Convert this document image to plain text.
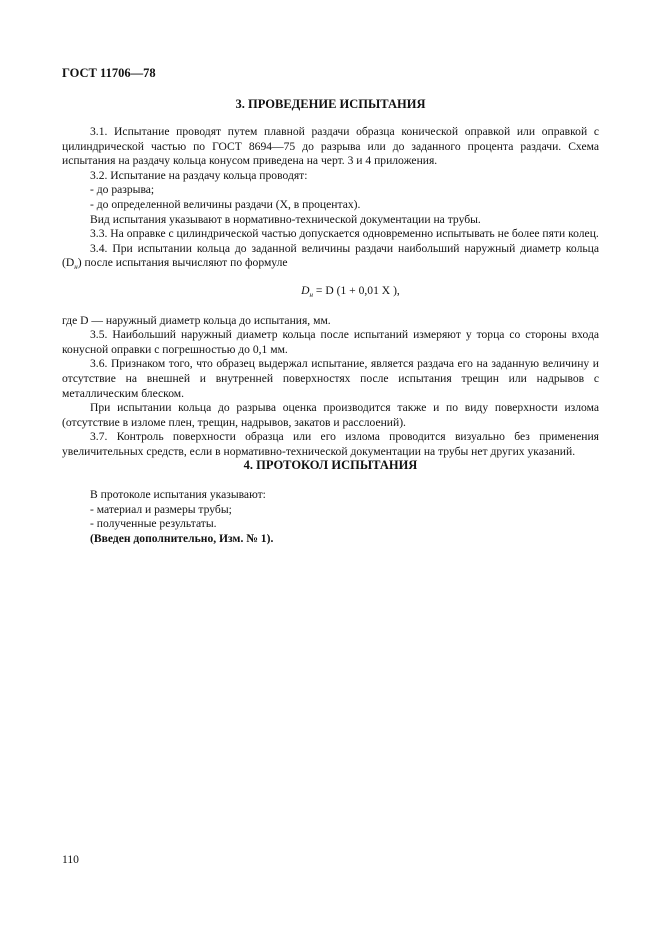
ГОСТ 11706—78
3. ПРОВЕДЕНИЕ ИСПЫТАНИЯ

3.1. Испытание проводят путем плавной раздачи образца конической оправкой или оправкой с цилиндрической частью по ГОСТ 8694—75 до разрыва или до заданного процента раздачи. Схема испытания на раздачу кольца конусом приведена на черт. 3 и 4 приложения.

3.2. Испытание на раздачу кольца проводят:

- до разрыва;

- до определенной величины раздачи (X, в процентах).

Вид испытания указывают в нормативно-технической документации на трубы.

3.3. На оправке с цилиндрической частью допускается одновременно испытывать не более пяти колец.

3.4. При испытании кольца до заданной величины раздачи наибольший наружный диаметр кольца $(D_н)$ после испытания вычисляют по формуле

$D_н = D$ (1 + 0,01 X ),

где D — наружный диаметр кольца до испытания, мм.

3.5. Наибольший наружный диаметр кольца после испытаний измеряют у торца со стороны входа конусной оправки с погрешностью до 0,1 мм.

3.6. Признаком того, что образец выдержал испытание, является раздача его на заданную величину и отсутствие на внешней и внутренней поверхностях после испытания трещин или надрывов с металлическим блеском.

При испытании кольца до разрыва оценка производится также и по виду поверхности излома (отсутствие в изломе плен, трещин, надрывов, закатов и расслоений).

3.7. Контроль поверхности образца или его излома проводится визуально без применения увеличительных средств, если в нормативно-технической документации на трубы нет других указаний.

4. ПРОТОКОЛ ИСПЫТАНИЯ

В протоколе испытания указывают:

- материал и размеры трубы;

- полученные результаты.

(Введен дополнительно, Изм. № 1).

110
